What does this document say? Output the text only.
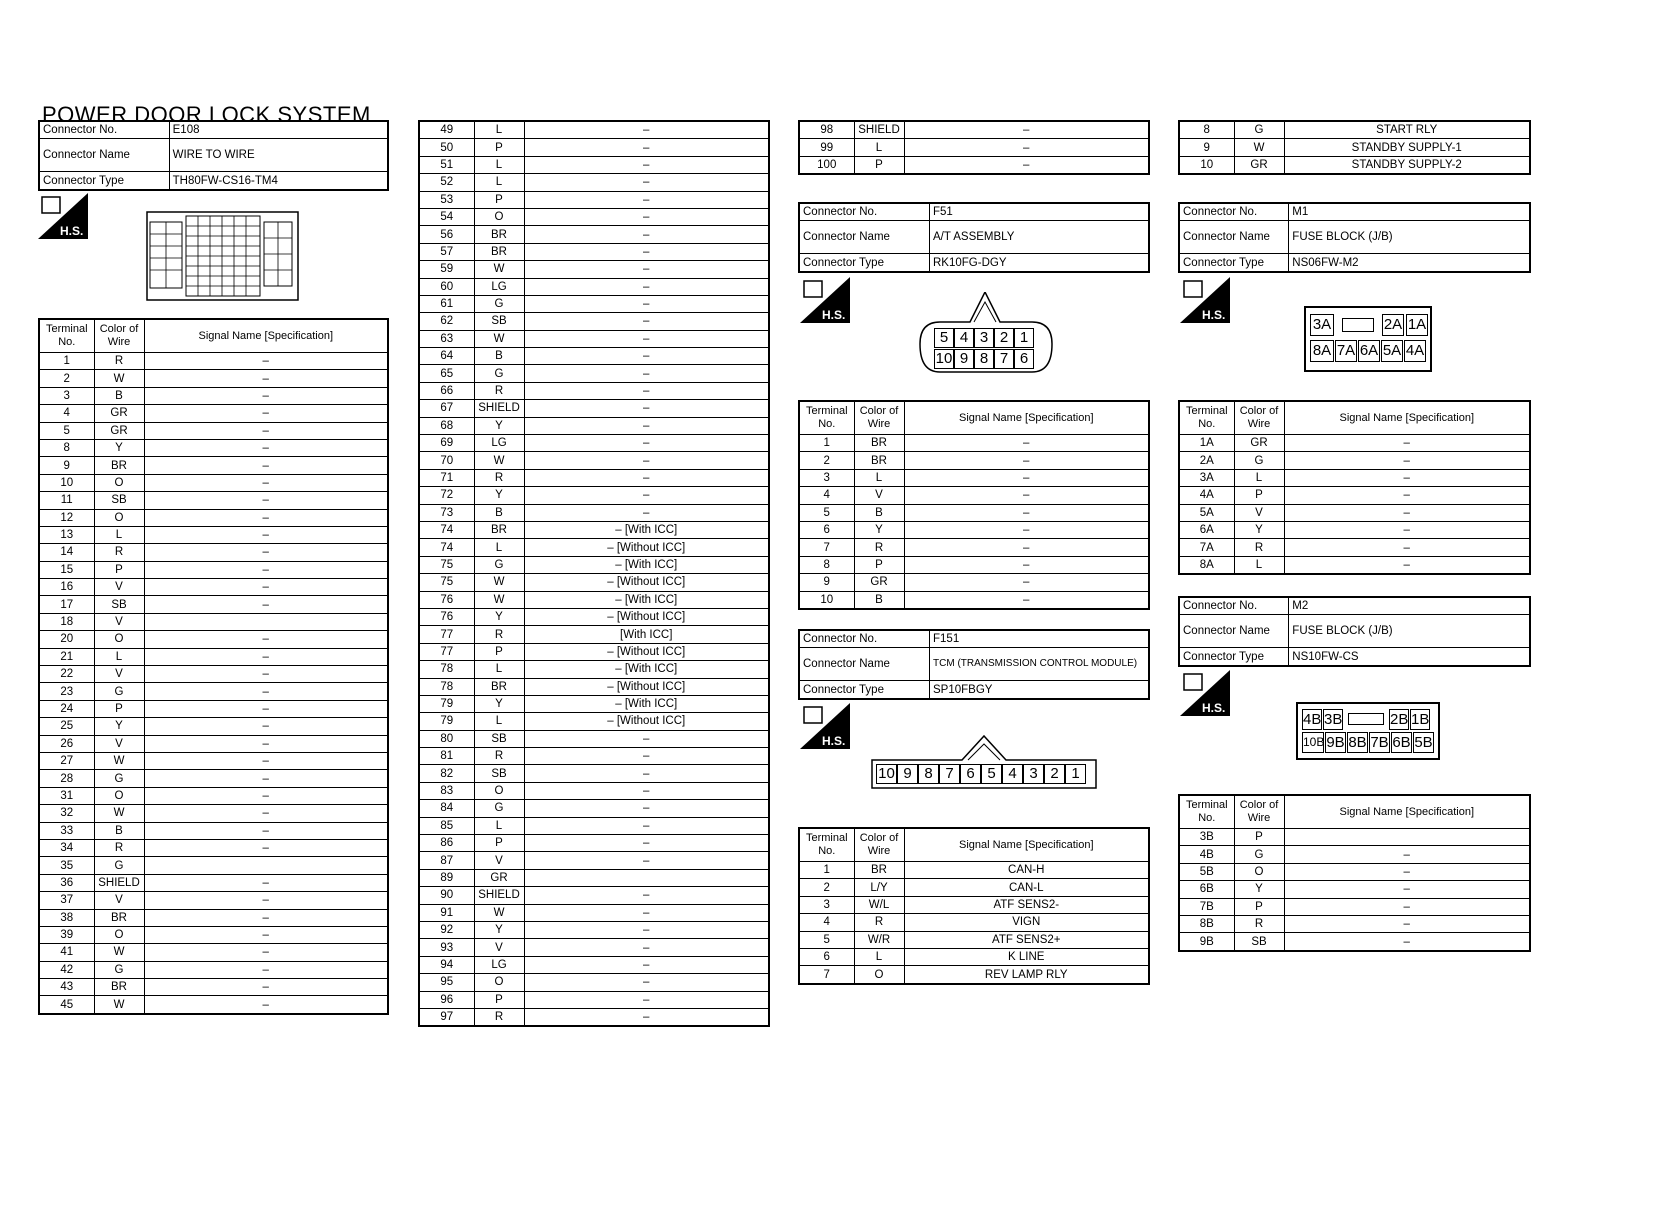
POWER DOOR LOCK SYSTEM
Connector No.	E108
Connector Name	WIRE TO WIRE
Connector Type	TH80FW-CS16-TM4
H.S.
Terminal No.	Color of Wire	Signal Name [Specification]
1	R	–
2	W	–
3	B	–
4	GR	–
5	GR	–
8	Y	–
9	BR	–
10	O	–
11	SB	–
12	O	–
13	L	–
14	R	–
15	P	–
16	V	–
17	SB	–
18	V	
20	O	–
21	L	–
22	V	–
23	G	–
24	P	–
25	Y	–
26	V	–
27	W	–
28	G	–
31	O	–
32	W	–
33	B	–
34	R	–
35	G	
36	SHIELD	–
37	V	–
38	BR	–
39	O	–
41	W	–
42	G	–
43	BR	–
45	W	–
49	L	–
50	P	–
51	L	–
52	L	–
53	P	–
54	O	–
56	BR	–
57	BR	–
59	W	–
60	LG	–
61	G	–
62	SB	–
63	W	–
64	B	–
65	G	–
66	R	–
67	SHIELD	–
68	Y	–
69	LG	–
70	W	–
71	R	–
72	Y	–
73	B	–
74	BR	– [With ICC]
74	L	– [Without ICC]
75	G	– [With ICC]
75	W	– [Without ICC]
76	W	– [With ICC]
76	Y	– [Without ICC]
77	R	[With ICC]
77	P	– [Without ICC]
78	L	– [With ICC]
78	BR	– [Without ICC]
79	Y	– [With ICC]
79	L	– [Without ICC]
80	SB	–
81	R	–
82	SB	–
83	O	–
84	G	–
85	L	–
86	P	–
87	V	–
89	GR	
90	SHIELD	–
91	W	–
92	Y	–
93	V	–
94	LG	–
95	O	–
96	P	–
97	R	–
98	SHIELD	–
99	L	–
100	P	–
Connector No.	F51
Connector Name	A/T ASSEMBLY
Connector Type	RK10FG-DGY
H.S.
5 4 3 2 1
10 9 8 7 6
Terminal No.	Color of Wire	Signal Name [Specification]
1	BR	–
2	BR	–
3	L	–
4	V	–
5	B	–
6	Y	–
7	R	–
8	P	–
9	GR	–
10	B	–
Connector No.	F151
Connector Name	TCM (TRANSMISSION CONTROL MODULE)
Connector Type	SP10FBGY
H.S.
10 9 8 7 6 5 4 3 2 1
Terminal No.	Color of Wire	Signal Name [Specification]
1	BR	CAN-H
2	L/Y	CAN-L
3	W/L	ATF SENS2-
4	R	VIGN
5	W/R	ATF SENS2+
6	L	K LINE
7	O	REV LAMP RLY
8	G	START RLY
9	W	STANDBY SUPPLY-1
10	GR	STANDBY SUPPLY-2
Connector No.	M1
Connector Name	FUSE BLOCK (J/B)
Connector Type	NS06FW-M2
H.S.
3A	2A 1A
8A 7A 6A 5A 4A
Terminal No.	Color of Wire	Signal Name [Specification]
1A	GR	–
2A	G	–
3A	L	–
4A	P	–
5A	V	–
6A	Y	–
7A	R	–
8A	L	–
Connector No.	M2
Connector Name	FUSE BLOCK (J/B)
Connector Type	NS10FW-CS
H.S.
4B 3B	2B 1B
10B 9B 8B 7B 6B 5B
Terminal No.	Color of Wire	Signal Name [Specification]
3B	P	
4B	G	–
5B	O	–
6B	Y	–
7B	P	–
8B	R	–
9B	SB	–
